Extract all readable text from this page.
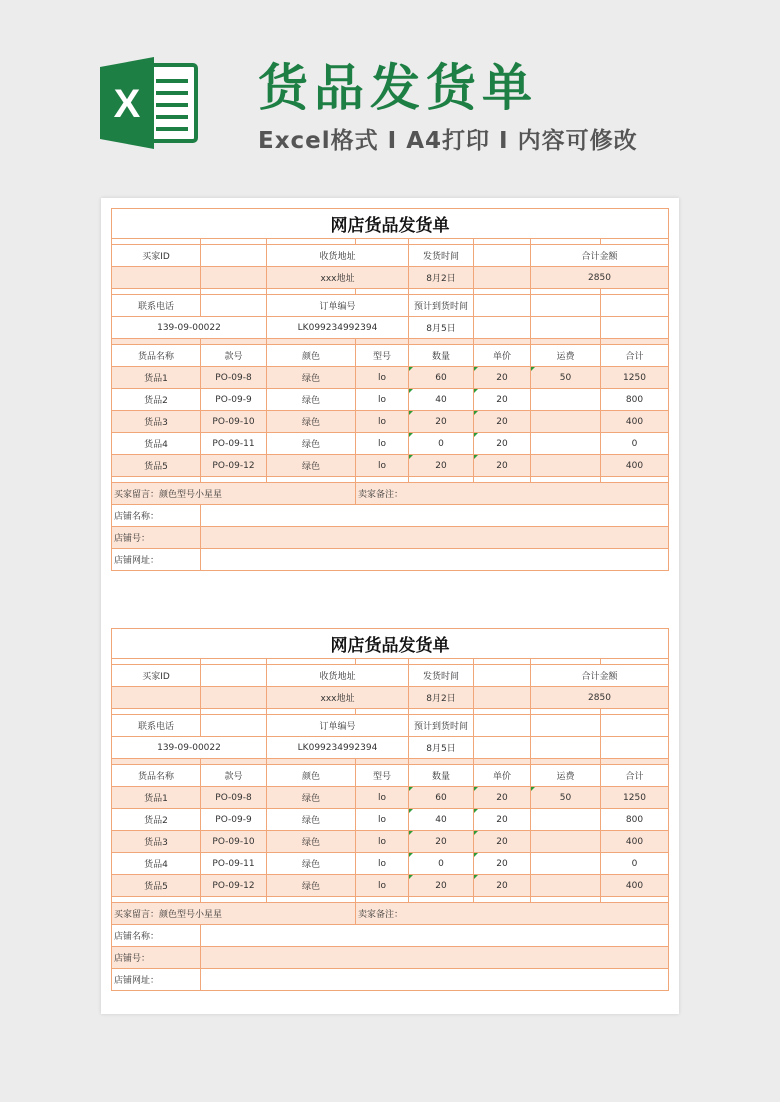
X 货品发货单
Excel格式 I A4打印 I 内容可修改
网店货品发货单							

买家ID		收货地址		发货时间		合计金额	
		xxx地址		8月2日		2850	

联系电话		订单编号		预计到货时间			
139-09-00022		LK099234992394		8月5日			

货品名称	款号	颜色	型号	数量	单价	运费	合计
货品1	PO-09-8	绿色	lo	60	20	50	1250
货品2	PO-09-9	绿色	lo	40	20		800
货品3	PO-09-10	绿色	lo	20	20		400
货品4	PO-09-11	绿色	lo	0	20		0
货品5	PO-09-12	绿色	lo	20	20		400

买家留言：颜色型号小星星			卖家备注：				
店铺名称：							
店铺号：							
店铺网址：							
网店货品发货单							

买家ID		收货地址		发货时间		合计金额	
		xxx地址		8月2日		2850	

联系电话		订单编号		预计到货时间			
139-09-00022		LK099234992394		8月5日			

货品名称	款号	颜色	型号	数量	单价	运费	合计
货品1	PO-09-8	绿色	lo	60	20	50	1250
货品2	PO-09-9	绿色	lo	40	20		800
货品3	PO-09-10	绿色	lo	20	20		400
货品4	PO-09-11	绿色	lo	0	20		0
货品5	PO-09-12	绿色	lo	20	20		400

买家留言：颜色型号小星星			卖家备注：				
店铺名称：							
店铺号：							
店铺网址：							
